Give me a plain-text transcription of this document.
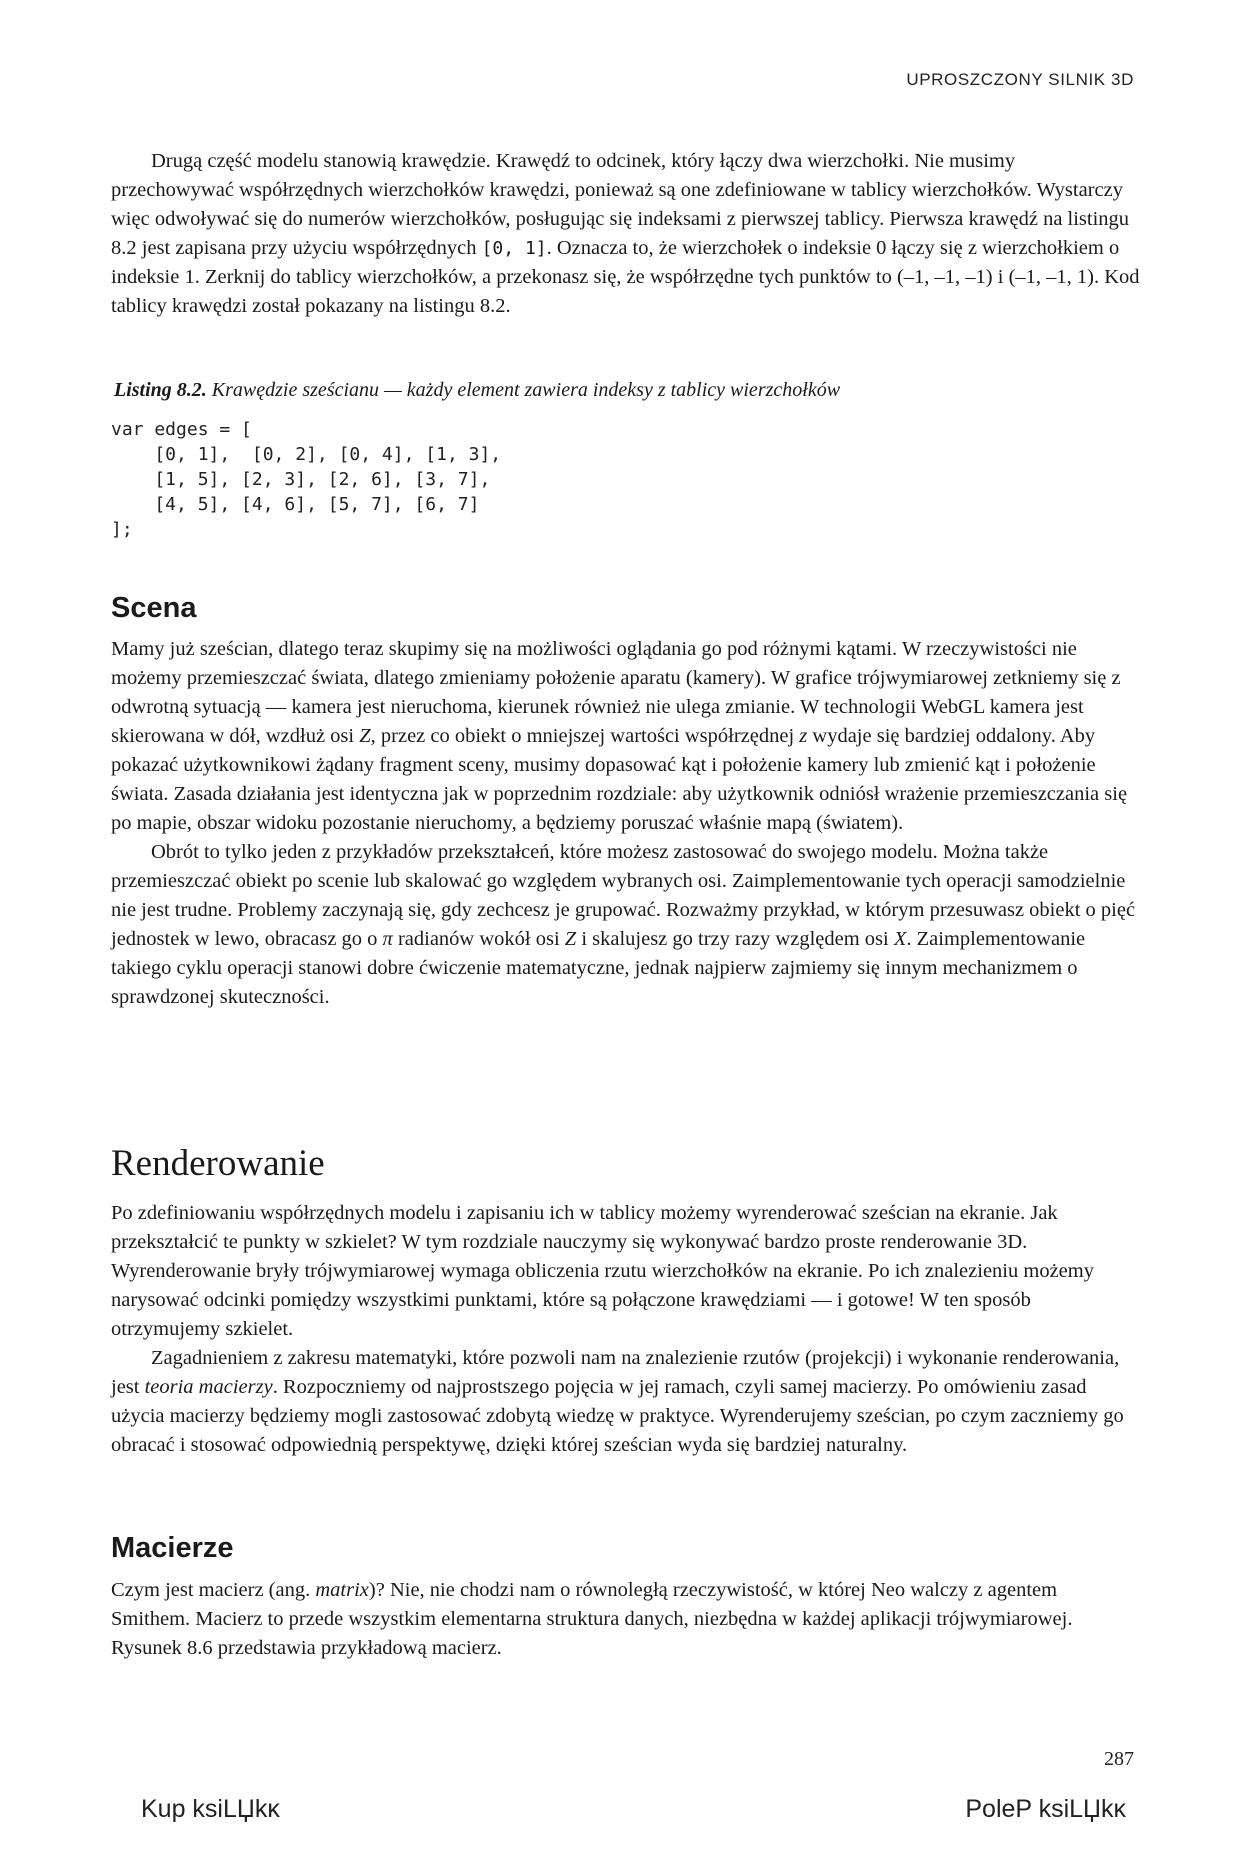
UPROSZCZONY SILNIK 3D

Drugą część modelu stanowią krawędzie. Krawędź to odcinek, który łączy dwa wierzchołki. Nie musimy przechowywać współrzędnych wierzchołków krawędzi, ponieważ są one zdefiniowane w tablicy wierzchołków. Wystarczy więc odwoływać się do numerów wierzchołków, posługując się indeksami z pierwszej tablicy. Pierwsza krawędź na listingu 8.2 jest zapisana przy użyciu współrzędnych [0, 1]. Oznacza to, że wierzchołek o indeksie 0 łączy się z wierzchołkiem o indeksie 1. Zerknij do tablicy wierzchołków, a przekonasz się, że współrzędne tych punktów to (–1, –1, –1) i (–1, –1, 1). Kod tablicy krawędzi został pokazany na listingu 8.2.

Listing 8.2. Krawędzie sześcianu — każdy element zawiera indeksy z tablicy wierzchołków
var edges = [
[0, 1],  [0, 2], [0, 4], [1, 3],
[1, 5], [2, 3], [2, 6], [3, 7],
[4, 5], [4, 6], [5, 7], [6, 7]
];
Scena

Mamy już sześcian, dlatego teraz skupimy się na możliwości oglądania go pod różnymi kątami. W rzeczywistości nie możemy przemieszczać świata, dlatego zmieniamy położenie aparatu (kamery). W grafice trójwymiarowej zetkniemy się z odwrotną sytuacją — kamera jest nieruchoma, kierunek również nie ulega zmianie. W technologii WebGL kamera jest skierowana w dół, wzdłuż osi Z, przez co obiekt o mniejszej wartości współrzędnej z wydaje się bardziej oddalony. Aby pokazać użytkownikowi żądany fragment sceny, musimy dopasować kąt i położenie kamery lub zmienić kąt i położenie świata. Zasada działania jest identyczna jak w poprzednim rozdziale: aby użytkownik odniósł wrażenie przemieszczania się po mapie, obszar widoku pozostanie nieruchomy, a będziemy poruszać właśnie mapą (światem).

Obrót to tylko jeden z przykładów przekształceń, które możesz zastosować do swojego modelu. Można także przemieszczać obiekt po scenie lub skalować go względem wybranych osi. Zaimplementowanie tych operacji samodzielnie nie jest trudne. Problemy zaczynają się, gdy zechcesz je grupować. Rozważmy przykład, w którym przesuwasz obiekt o pięć jednostek w lewo, obracasz go o π radianów wokół osi Z i skalujesz go trzy razy względem osi X. Zaimplementowanie takiego cyklu operacji stanowi dobre ćwiczenie matematyczne, jednak najpierw zajmiemy się innym mechanizmem o sprawdzonej skuteczności.

Renderowanie

Po zdefiniowaniu współrzędnych modelu i zapisaniu ich w tablicy możemy wyrenderować sześcian na ekranie. Jak przekształcić te punkty w szkielet? W tym rozdziale nauczymy się wykonywać bardzo proste renderowanie 3D. Wyrenderowanie bryły trójwymiarowej wymaga obliczenia rzutu wierzchołków na ekranie. Po ich znalezieniu możemy narysować odcinki pomiędzy wszystkimi punktami, które są połączone krawędziami — i gotowe! W ten sposób otrzymujemy szkielet.

Zagadnieniem z zakresu matematyki, które pozwoli nam na znalezienie rzutów (projekcji) i wykonanie renderowania, jest teoria macierzy. Rozpoczniemy od najprostszego pojęcia w jej ramach, czyli samej macierzy. Po omówieniu zasad użycia macierzy będziemy mogli zastosować zdobytą wiedzę w praktyce. Wyrenderujemy sześcian, po czym zaczniemy go obracać i stosować odpowiednią perspektywę, dzięki której sześcian wyda się bardziej naturalny.

Macierze

Czym jest macierz (ang. matrix)? Nie, nie chodzi nam o równoległą rzeczywistość, w której Neo walczy z agentem Smithem. Macierz to przede wszystkim elementarna struktura danych, niezbędna w każdej aplikacji trójwymiarowej. Rysunek 8.6 przedstawia przykładową macierz.

287
Kup ksiLЏkĸ	PoleP ksiLЏkĸ
